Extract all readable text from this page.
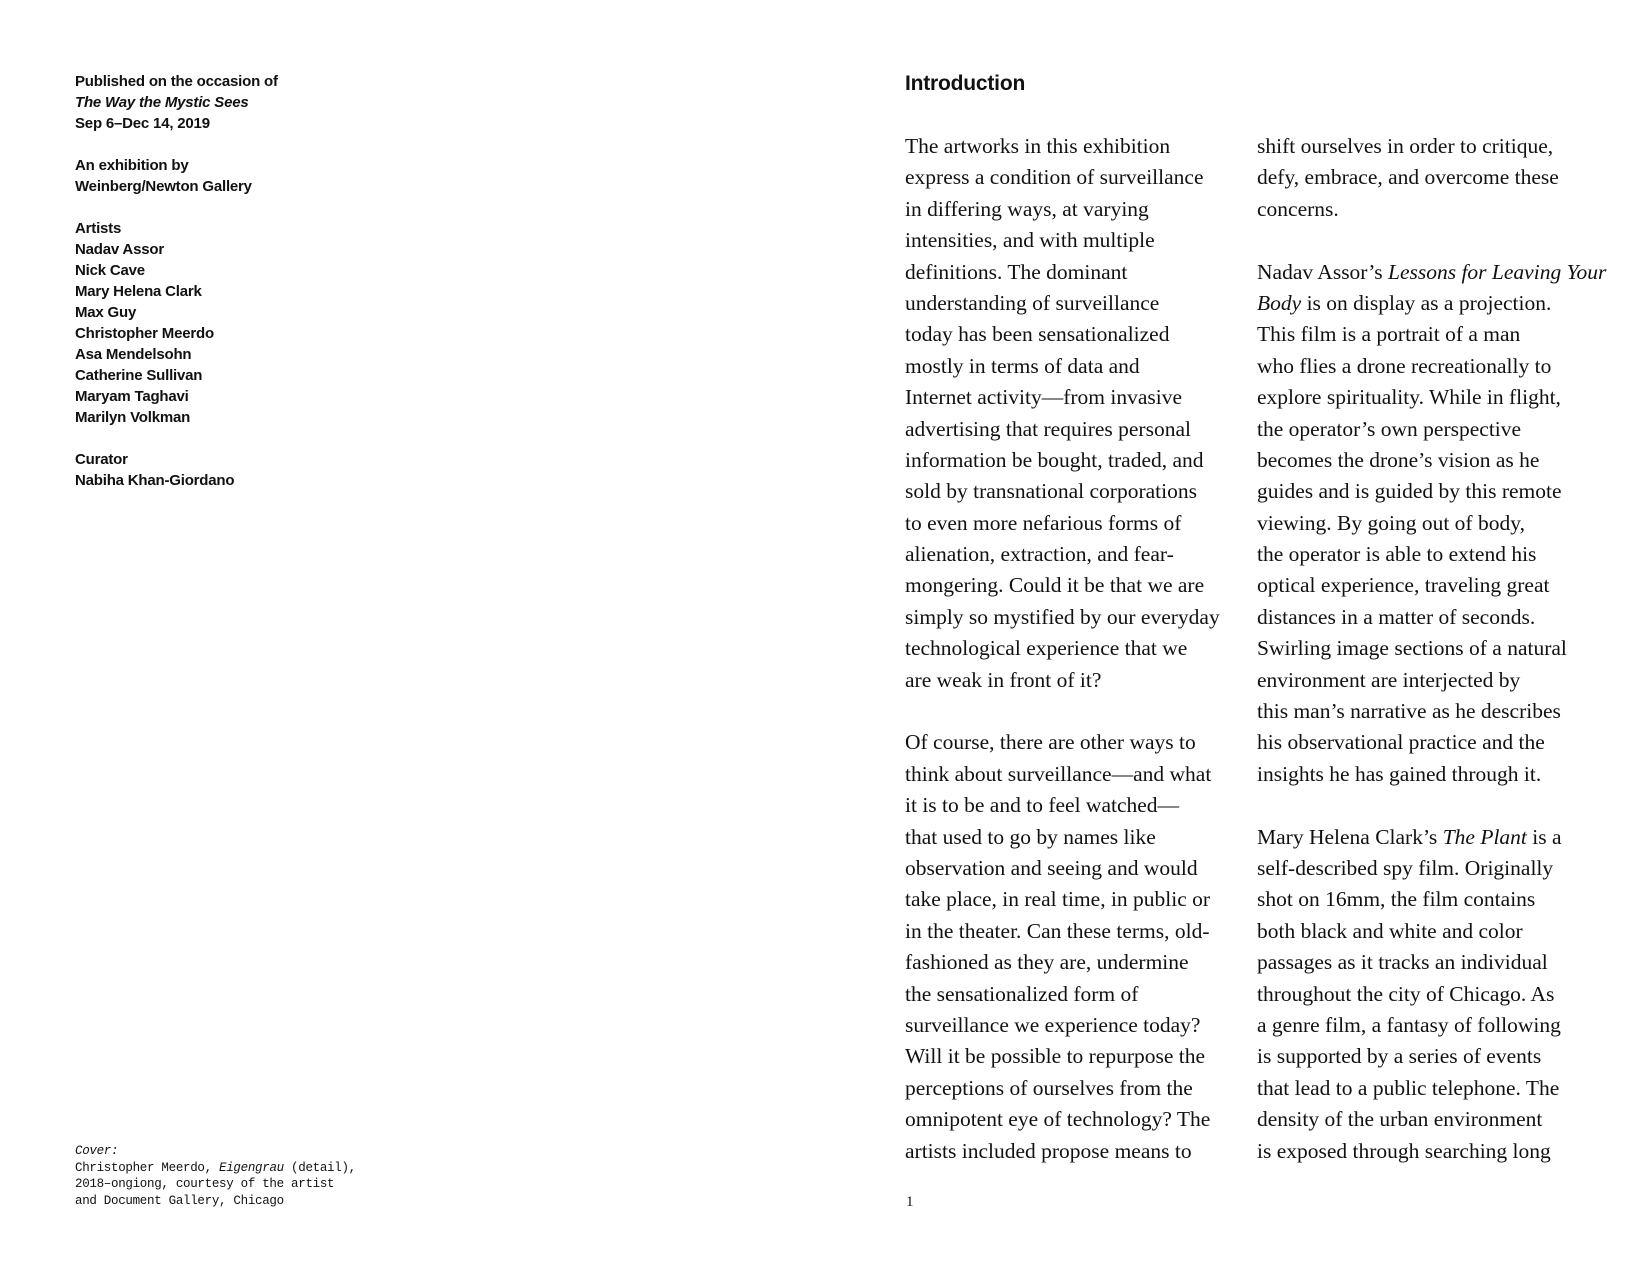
Published on the occasion of
The Way the Mystic Sees
Sep 6–Dec 14, 2019
An exhibition by
Weinberg/Newton Gallery
Artists
Nadav Assor
Nick Cave
Mary Helena Clark
Max Guy
Christopher Meerdo
Asa Mendelsohn
Catherine Sullivan
Maryam Taghavi
Marilyn Volkman
Curator
Nabiha Khan-Giordano
Cover:
Christopher Meerdo, Eigengrau (detail),
2018–ongiong, courtesy of the artist
and Document Gallery, Chicago
Introduction
The artworks in this exhibition
express a condition of surveillance
in differing ways, at varying
intensities, and with multiple
definitions. The dominant
understanding of surveillance
today has been sensationalized
mostly in terms of data and
Internet activity—from invasive
advertising that requires personal
information be bought, traded, and
sold by transnational corporations
to even more nefarious forms of
alienation, extraction, and fear-
mongering. Could it be that we are
simply so mystified by our everyday
technological experience that we
are weak in front of it?
Of course, there are other ways to
think about surveillance—and what
it is to be and to feel watched—
that used to go by names like
observation and seeing and would
take place, in real time, in public or
in the theater. Can these terms, old-
fashioned as they are, undermine
the sensationalized form of
surveillance we experience today?
Will it be possible to repurpose the
perceptions of ourselves from the
omnipotent eye of technology? The
artists included propose means to
shift ourselves in order to critique,
defy, embrace, and overcome these
concerns.
Nadav Assor’s Lessons for Leaving Your
Body is on display as a projection.
This film is a portrait of a man
who flies a drone recreationally to
explore spirituality. While in flight,
the operator’s own perspective
becomes the drone’s vision as he
guides and is guided by this remote
viewing. By going out of body,
the operator is able to extend his
optical experience, traveling great
distances in a matter of seconds.
Swirling image sections of a natural
environment are interjected by
this man’s narrative as he describes
his observational practice and the
insights he has gained through it.
Mary Helena Clark’s The Plant is a
self-described spy film. Originally
shot on 16mm, the film contains
both black and white and color
passages as it tracks an individual
throughout the city of Chicago. As
a genre film, a fantasy of following
is supported by a series of events
that lead to a public telephone. The
density of the urban environment
is exposed through searching long
1
